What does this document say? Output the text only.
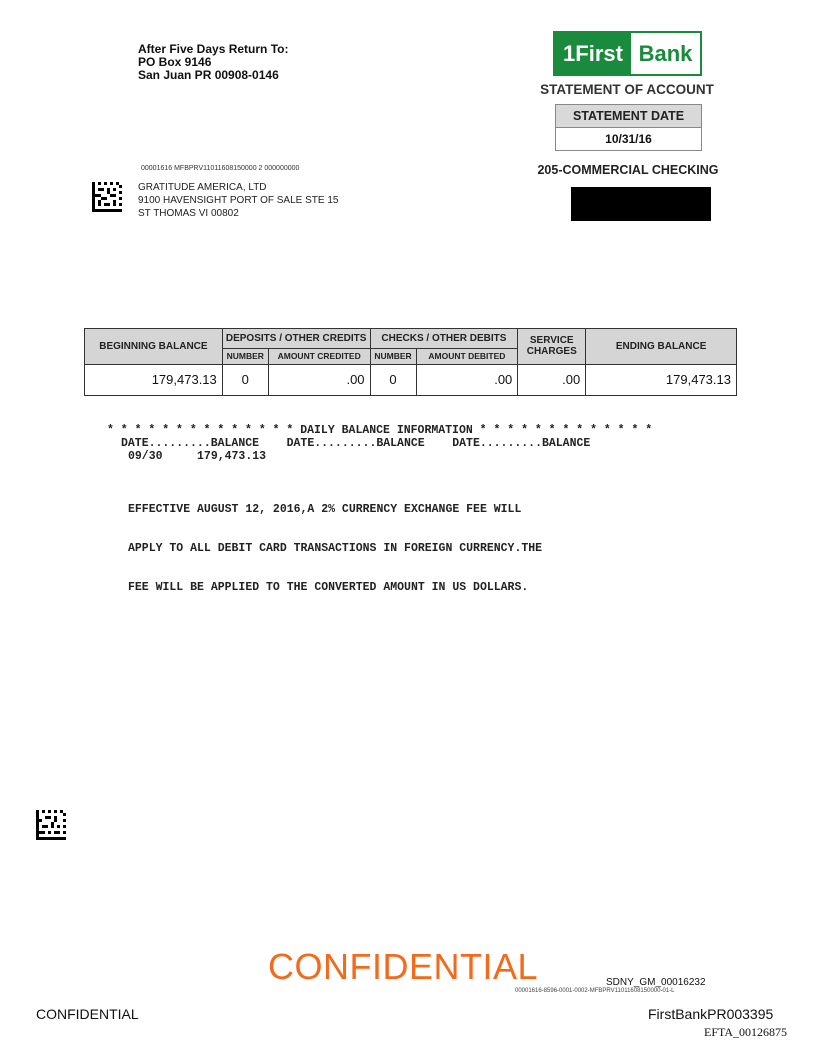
After Five Days Return To:
PO Box 9146
San Juan PR 00908-0146
1First Bank
STATEMENT OF ACCOUNT
STATEMENT DATE
10/31/16
205-COMMERCIAL CHECKING
00001616 MFBPRV11011608150000 2 000000000
GRATITUDE AMERICA, LTD
9100 HAVENSIGHT PORT OF SALE STE 15
ST THOMAS VI 00802
BEGINNING BALANCE	DEPOSITS / OTHER CREDITS		CHECKS / OTHER DEBITS		SERVICE CHARGES	ENDING BALANCE
	NUMBER	AMOUNT CREDITED	NUMBER	AMOUNT DEBITED		
179,473.13	0	.00	0	.00	.00	179,473.13
* * * * * * * * * * * * * * DAILY BALANCE INFORMATION * * * * * * * * * * * * *
DATE.........BALANCE    DATE.........BALANCE    DATE.........BALANCE
09/30     179,473.13

EFFECTIVE AUGUST 12, 2016,A 2% CURRENCY EXCHANGE FEE WILL

APPLY TO ALL DEBIT CARD TRANSACTIONS IN FOREIGN CURRENCY.THE

FEE WILL BE APPLIED TO THE CONVERTED AMOUNT IN US DOLLARS.

CONFIDENTIAL	SDNY_GM_00016232
00001616-8596-0001-0002-MFBPRV11011608150000-01-L
CONFIDENTIAL	FirstBankPR003395
EFTA_00126875
